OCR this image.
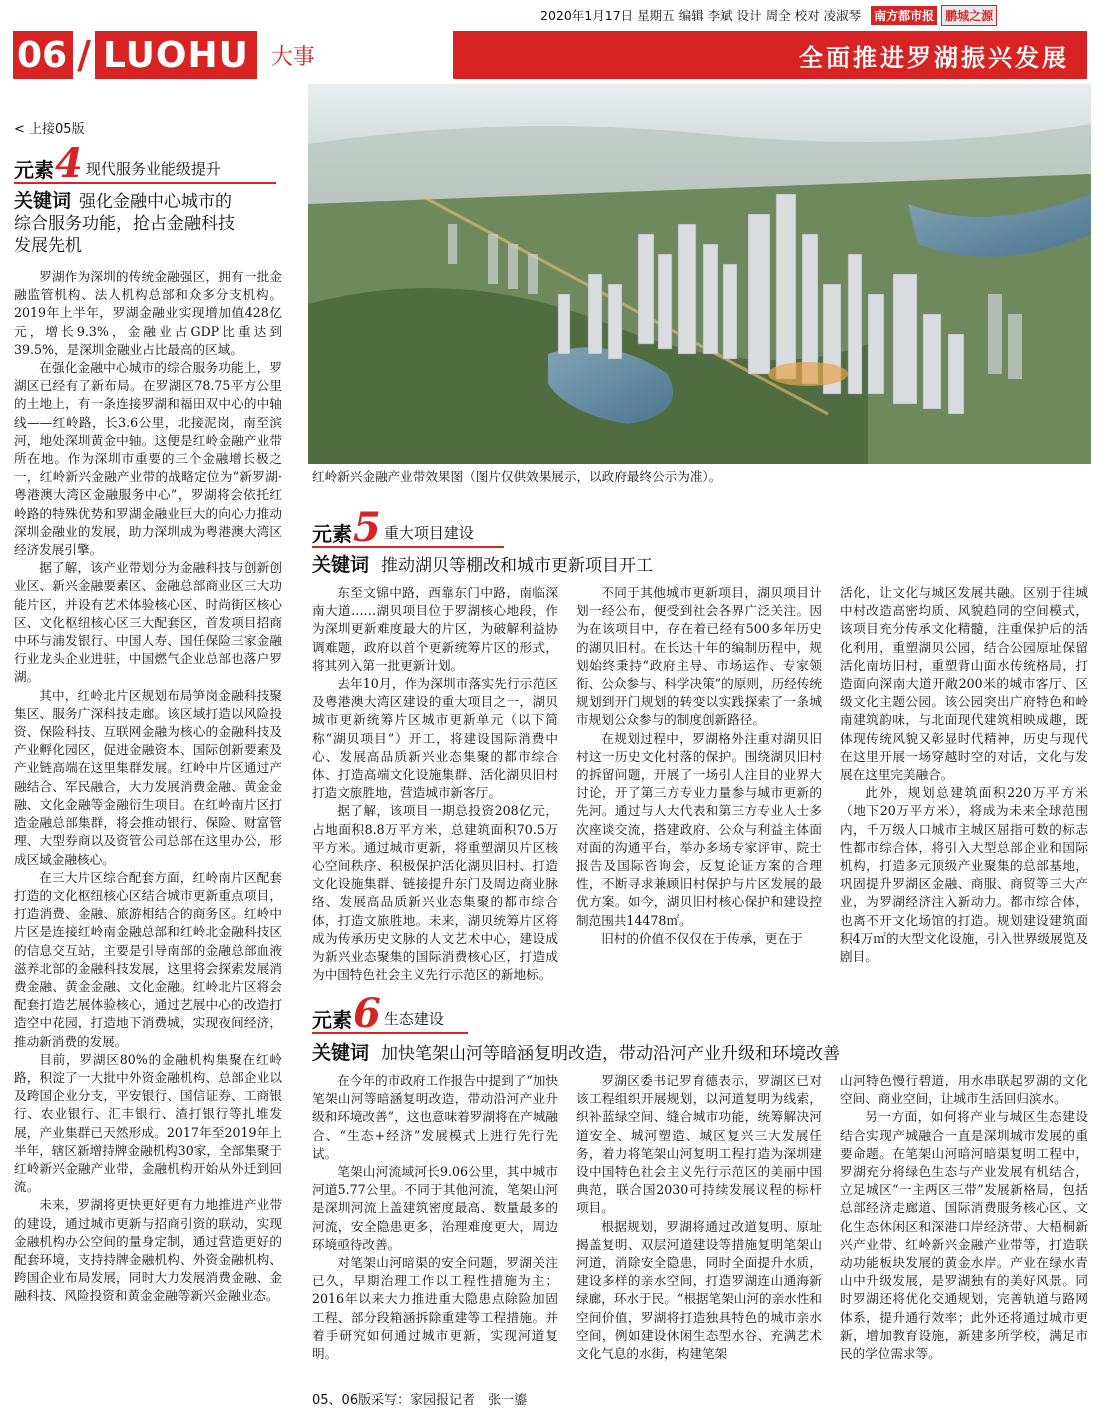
2020年1月17日 星期五 编辑 李斌 设计 周全 校对 凌淑琴 南方都市报 鹏城之源
06 / LUOHU	大事	全面推进罗湖振兴发展
< 上接05版
元素 4 现代服务业能级提升
关键词 强化金融中心城市的
综合服务功能，抢占金融科技
发展先机

罗湖作为深圳的传统金融强区，拥有一批金融监管机构、法人机构总部和众多分支机构。2019年上半年，罗湖金融业实现增加值428亿元，增长9.3%，金融业占GDP比重达到39.5%，是深圳金融业占比最高的区域。

在强化金融中心城市的综合服务功能上，罗湖区已经有了新布局。在罗湖区78.75平方公里的土地上，有一条连接罗湖和福田双中心的中轴线——红岭路，长3.6公里，北接泥岗，南至滨河，地处深圳黄金中轴。这便是红岭金融产业带所在地。作为深圳市重要的三个金融增长极之一，红岭新兴金融产业带的战略定位为“新罗湖·粤港澳大湾区金融服务中心”，罗湖将会依托红岭路的特殊优势和罗湖金融业巨大的向心力推动深圳金融业的发展，助力深圳成为粤港澳大湾区经济发展引擎。

据了解，该产业带划分为金融科技与创新创业区、新兴金融要素区、金融总部商业区三大功能片区，并设有艺术体验核心区、时尚街区核心区、文化枢纽核心区三大配套区，首发项目招商中环与浦发银行、中国人寿、国任保险三家金融行业龙头企业进驻，中国燃气企业总部也落户罗湖。

其中，红岭北片区规划布局笋岗金融科技聚集区、服务广深科技走廊。该区域打造以风险投资、保险科技、互联网金融为核心的金融科技及产业孵化园区，促进金融资本、国际创新要素及产业链高端在这里集群发展。红岭中片区通过产融结合、军民融合，大力发展消费金融、黄金金融、文化金融等金融衍生项目。在红岭南片区打造金融总部集群，将会推动银行、保险、财富管理、大型券商以及资管公司总部在这里办公，形成区域金融核心。

在三大片区综合配套方面，红岭南片区配套打造的文化枢纽核心区结合城市更新重点项目，打造消费、金融、旅游相结合的商务区。红岭中片区是连接红岭南金融总部和红岭北金融科技区的信息交互站，主要是引导南部的金融总部血液滋养北部的金融科技发展，这里将会探索发展消费金融、黄金金融、文化金融。红岭北片区将会配套打造艺展体验核心，通过艺展中心的改造打造空中花园，打造地下消费城，实现夜间经济，推动新消费的发展。

目前，罗湖区80%的金融机构集聚在红岭路，积淀了一大批中外资金融机构、总部企业以及跨国企业分支，平安银行、国信证券、工商银行、农业银行、汇丰银行、渣打银行等扎堆发展，产业集群已天然形成。2017年至2019年上半年，辖区新增持牌金融机构30家，全部集聚于红岭新兴金融产业带，金融机构开始从外迁到回流。

未来，罗湖将更快更好更有力地推进产业带的建设，通过城市更新与招商引资的联动，实现金融机构办公空间的量身定制，通过营造更好的配套环境，支持持牌金融机构、外资金融机构、跨国企业布局发展，同时大力发展消费金融、金融科技、风险投资和黄金金融等新兴金融业态。

红岭新兴金融产业带效果图（图片仅供效果展示，以政府最终公示为准）。
元素 5 重大项目建设
关键词 推动湖贝等棚改和城市更新项目开工

东至文锦中路，西靠东门中路，南临深南大道……湖贝项目位于罗湖核心地段，作为深圳更新难度最大的片区，为破解利益协调难题，政府以首个更新统筹片区的形式，将其列入第一批更新计划。

去年10月，作为深圳市落实先行示范区及粤港澳大湾区建设的重大项目之一，湖贝城市更新统筹片区城市更新单元（以下简称“湖贝项目”）开工，将建设国际消费中心、发展高品质新兴业态集聚的都市综合体、打造高端文化设施集群、活化湖贝旧村打造文旅胜地，营造城市新客厅。

据了解，该项目一期总投资208亿元，占地面积8.8万平方米，总建筑面积70.5万平方米。通过城市更新，将重塑湖贝片区核心空间秩序、积极保护活化湖贝旧村、打造文化设施集群、链接提升东门及周边商业脉络、发展高品质新兴业态集聚的都市综合体，打造文旅胜地。未来，湖贝统筹片区将成为传承历史文脉的人文艺术中心，建设成为新兴业态聚集的国际消费核心区，打造成为中国特色社会主义先行示范区的新地标。

不同于其他城市更新项目，湖贝项目计划一经公布，便受到社会各界广泛关注。因为在该项目中，存在着已经有500多年历史的湖贝旧村。在长达十年的编制历程中，规划始终秉持“政府主导、市场运作、专家领衔、公众参与、科学决策”的原则，历经传统规划到开门规划的转变以实践探索了一条城市规划公众参与的制度创新路径。

在规划过程中，罗湖格外注重对湖贝旧村这一历史文化村落的保护。围绕湖贝旧村的拆留问题，开展了一场引人注目的业界大讨论，开了第三方专业力量参与城市更新的先河。通过与人大代表和第三方专业人士多次座谈交流，搭建政府、公众与利益主体面对面的沟通平台，举办多场专家评审、院士报告及国际咨询会，反复论证方案的合理性，不断寻求兼顾旧村保护与片区发展的最优方案。如今，湖贝旧村核心保护和建设控制范围共14478㎡。

旧村的价值不仅仅在于传承，更在于

活化，让文化与城区发展共融。区别于往城中村改造高密均质、风貌趋同的空间模式，该项目充分传承文化精髓，注重保护后的活化利用，重塑湖贝公园，结合公园原址保留活化南坊旧村，重塑背山面水传统格局，打造面向深南大道开敞200米的城市客厅、区级文化主题公园。该公园突出广府特色和岭南建筑韵味，与北面现代建筑相映成趣，既体现传统风貌又彰显时代精神，历史与现代在这里开展一场穿越时空的对话，文化与发展在这里完美融合。

此外，规划总建筑面积220万平方米（地下20万平方米），将成为未来全球范围内，千万级人口城市主城区屈指可数的标志性都市综合体，将引入大型总部企业和国际机构，打造多元顶级产业聚集的总部基地，巩固提升罗湖区金融、商服、商贸等三大产业，为罗湖经济注入新动力。都市综合体，也离不开文化场馆的打造。规划建设建筑面积4万㎡的大型文化设施，引入世界级展览及剧目。

元素 6 生态建设
关键词 加快笔架山河等暗涵复明改造，带动沿河产业升级和环境改善

在今年的市政府工作报告中提到了“加快笔架山河等暗涵复明改造，带动沿河产业升级和环境改善”，这也意味着罗湖将在产城融合、“生态+经济”发展模式上进行先行先试。

笔架山河流域河长9.06公里，其中城市河道5.77公里。不同于其他河流，笔架山河是深圳河流上盖建筑密度最高、数量最多的河流，安全隐患更多，治理难度更大，周边环境亟待改善。

对笔架山河暗渠的安全问题，罗湖关注已久，早期治理工作以工程性措施为主；2016年以来大力推进重大隐患点除险加固工程、部分段箱涵拆除重建等工程措施。并着手研究如何通过城市更新，实现河道复明。

罗湖区委书记罗育德表示，罗湖区已对该工程组织开展规划，以河道复明为线索，织补蓝绿空间、缝合城市功能，统筹解决河道安全、城河塑造、城区复兴三大发展任务，着力将笔架山河复明工程打造为深圳建设中国特色社会主义先行示范区的美丽中国典范，联合国2030可持续发展议程的标杆项目。

根据规划，罗湖将通过改道复明、原址揭盖复明、双层河道建设等措施复明笔架山河道，消除安全隐患，同时全面提升水质，建设多样的亲水空间，打造罗湖连山通海新绿廊，环水于民。“根据笔架山河的亲水性和空间价值，罗湖将打造独具特色的城市亲水空间，例如建设休闲生态型水谷、充满艺术文化气息的水街，构建笔架

山河特色慢行碧道，用水串联起罗湖的文化空间、商业空间，让城市生活回归滨水。

另一方面，如何将产业与城区生态建设结合实现产城融合一直是深圳城市发展的重要命题。在笔架山河暗河暗渠复明工程中，罗湖充分将绿色生态与产业发展有机结合，立足城区“一主两区三带”发展新格局，包括总部经济走廊道、国际消费服务核心区、文化生态休闲区和深港口岸经济带、大梧桐新兴产业带、红岭新兴金融产业带等，打造联动功能板块发展的黄金水岸。产业在绿水青山中升级发展，是罗湖独有的美好风景。同时罗湖还将优化交通规划，完善轨道与路网体系，提升通行效率；此外还将通过城市更新，增加教育设施，新建多所学校，满足市民的学位需求等。

05、06版采写：家园报记者　张一鎏
